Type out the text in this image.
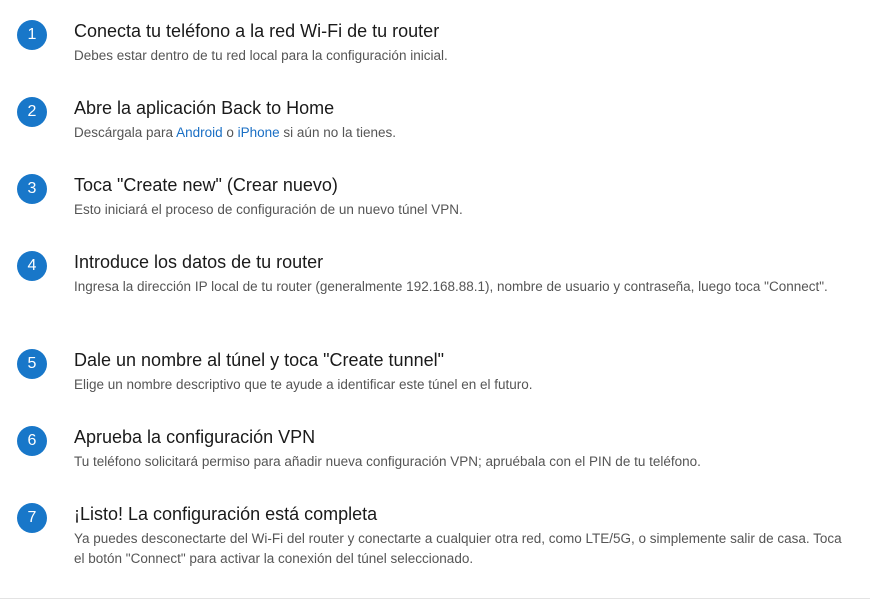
1	Conecta tu teléfono a la red Wi-Fi de tu router
Debes estar dentro de tu red local para la configuración inicial.
2	Abre la aplicación Back to Home
Descárgala para Android o iPhone si aún no la tienes.
3	Toca "Create new" (Crear nuevo)
Esto iniciará el proceso de configuración de un nuevo túnel VPN.
4	Introduce los datos de tu router
Ingresa la dirección IP local de tu router (generalmente 192.168.88.1), nombre de usuario y contraseña, luego toca "Connect".
5	Dale un nombre al túnel y toca "Create tunnel"
Elige un nombre descriptivo que te ayude a identificar este túnel en el futuro.
6	Aprueba la configuración VPN
Tu teléfono solicitará permiso para añadir nueva configuración VPN; apruébala con el PIN de tu teléfono.
7	¡Listo! La configuración está completa
Ya puedes desconectarte del Wi-Fi del router y conectarte a cualquier otra red, como LTE/5G, o simplemente salir de casa. Toca el botón "Connect" para activar la conexión del túnel seleccionado.
